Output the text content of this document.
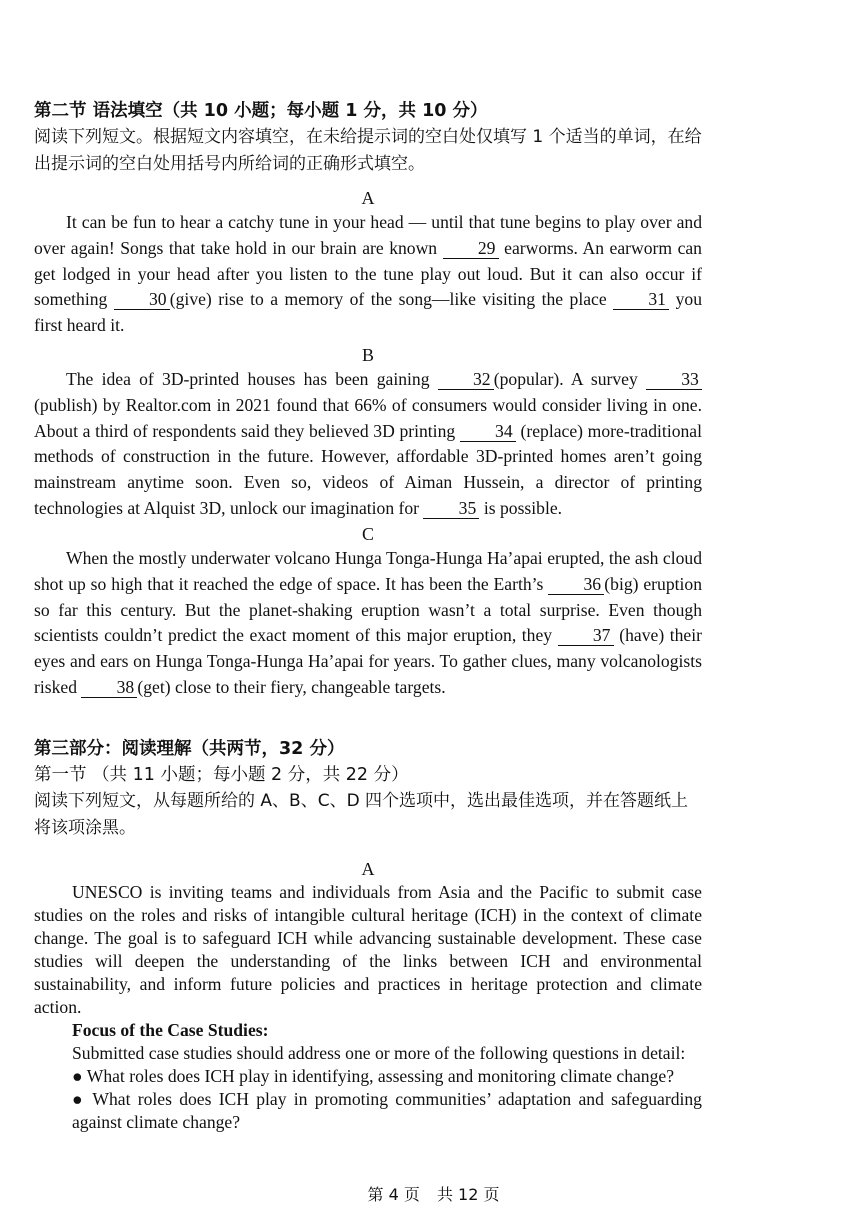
第二节 语法填空（共 10 小题；每小题 1 分，共 10 分）

阅读下列短文。根据短文内容填空，在未给提示词的空白处仅填写 1 个适当的单词，在给出提示词的空白处用括号内所给词的正确形式填空。

A

It can be fun to hear a catchy tune in your head — until that tune begins to play over and over again! Songs that take hold in our brain are known 29 earworms. An earworm can get lodged in your head after you listen to the tune play out loud. But it can also occur if something 30 (give) rise to a memory of the song—like visiting the place 31 you first heard it.

B

The idea of 3D-printed houses has been gaining 32 (popular). A survey 33 (publish) by Realtor.com in 2021 found that 66% of consumers would consider living in one. About a third of respondents said they believed 3D printing 34 (replace) more-traditional methods of construction in the future. However, affordable 3D-printed homes aren’t going mainstream anytime soon. Even so, videos of Aiman Hussein, a director of printing technologies at Alquist 3D, unlock our imagination for 35 is possible.

C

When the mostly underwater volcano Hunga Tonga-Hunga Ha’apai erupted, the ash cloud shot up so high that it reached the edge of space. It has been the Earth’s 36 (big) eruption so far this century. But the planet-shaking eruption wasn’t a total surprise. Even though scientists couldn’t predict the exact moment of this major eruption, they 37 (have) their eyes and ears on Hunga Tonga-Hunga Ha’apai for years. To gather clues, many volcanologists risked 38 (get) close to their fiery, changeable targets.

第三部分：阅读理解（共两节，32 分）

第一节 （共 11 小题；每小题 2 分，共 22 分）

阅读下列短文，从每题所给的 A、B、C、D 四个选项中，选出最佳选项，并在答题纸上将该项涂黑。

A

UNESCO is inviting teams and individuals from Asia and the Pacific to submit case studies on the roles and risks of intangible cultural heritage (ICH) in the context of climate change. The goal is to safeguard ICH while advancing sustainable development. These case studies will deepen the understanding of the links between ICH and environmental sustainability, and inform future policies and practices in heritage protection and climate action.

Focus of the Case Studies:

Submitted case studies should address one or more of the following questions in detail:

● What roles does ICH play in identifying, assessing and monitoring climate change?

● What roles does ICH play in promoting communities’ adaptation and safeguarding against climate change?

第 4 页 共 12 页
